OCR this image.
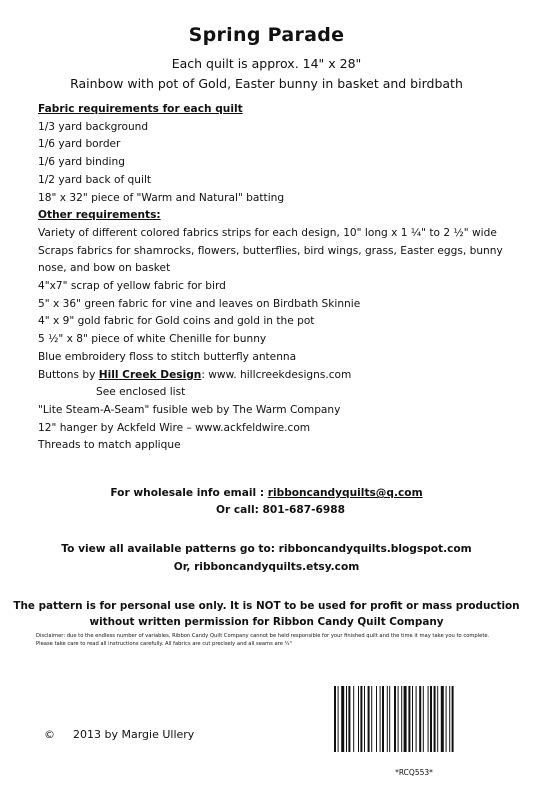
Spring Parade
Each quilt is approx. 14" x 28"
Rainbow with pot of Gold, Easter bunny in basket and birdbath
Fabric requirements for each quilt
1/3 yard background
1/6 yard border
1/6 yard binding
1/2 yard back of quilt
18" x 32" piece of "Warm and Natural" batting
Other requirements:
Variety of different colored fabrics strips for each design, 10" long x 1 ¼" to 2 ½" wide
Scraps fabrics for shamrocks, flowers, butterflies, bird wings, grass, Easter eggs, bunny
nose, and bow on basket
4"x7" scrap of yellow fabric for bird
5" x 36" green fabric for vine and leaves on Birdbath Skinnie
4" x 9" gold fabric for Gold coins and gold in the pot
5 ½" x 8" piece of white Chenille for bunny
Blue embroidery floss to stitch butterfly antenna
Buttons by Hill Creek Design: www. hillcreekdesigns.com
See enclosed list
"Lite Steam-A-Seam" fusible web by The Warm Company
12" hanger by Ackfeld Wire – www.ackfeldwire.com
Threads to match applique
For wholesale info email : ribboncandyquilts@q.com
Or call: 801-687-6988
To view all available patterns go to: ribboncandyquilts.blogspot.com
Or, ribboncandyquilts.etsy.com
The pattern is for personal use only. It is NOT to be used for profit or mass production
without written permission for Ribbon Candy Quilt Company
Disclaimer: due to the endless number of variables, Ribbon Candy Quilt Company cannot be held responsible for your finished quilt and the time it may take you to complete. Please take care to read all instructions carefully. All fabrics are cut precisely and all seams are ¼"
© 2013 by Margie Ullery
*RCQ553*
